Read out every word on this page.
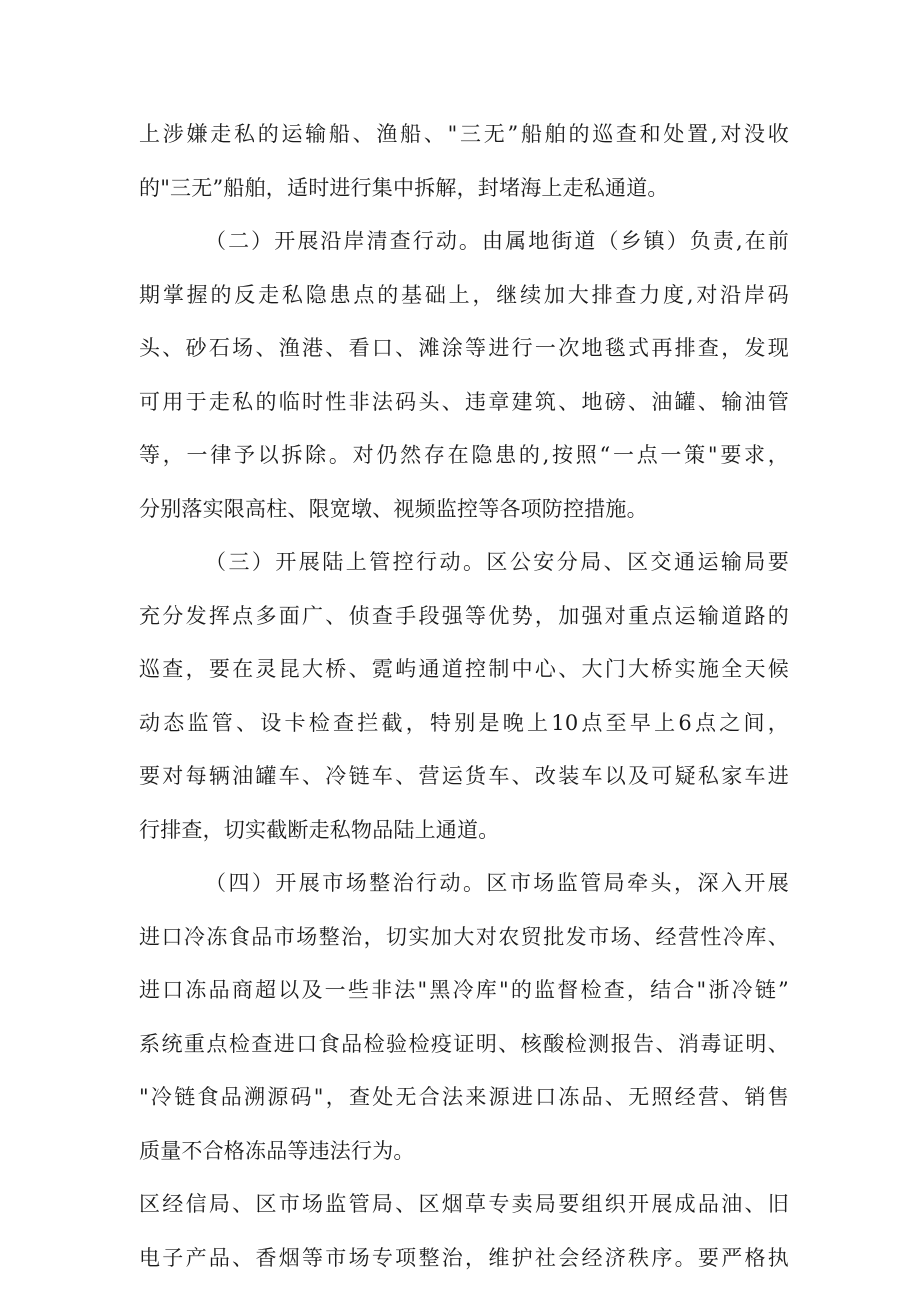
上涉嫌走私的运输船、渔船、"三无”船舶的巡查和处置,对没收
的"三无”船舶，适时进行集中拆解，封堵海上走私通道。
（二）开展沿岸清查行动。由属地街道（乡镇）负责,在前
期掌握的反走私隐患点的基础上，继续加大排查力度,对沿岸码
头、砂石场、渔港、看口、滩涂等进行一次地毯式再排查，发现
可用于走私的临时性非法码头、违章建筑、地磅、油罐、输油管
等，一律予以拆除。对仍然存在隐患的,按照“一点一策"要求，
分别落实限高柱、限宽墩、视频监控等各项防控措施。
（三）开展陆上管控行动。区公安分局、区交通运输局要
充分发挥点多面广、侦查手段强等优势，加强对重点运输道路的
巡查，要在灵昆大桥、霓屿通道控制中心、大门大桥实施全天候
动态监管、设卡检查拦截，特别是晚上10点至早上6点之间，
要对每辆油罐车、冷链车、营运货车、改装车以及可疑私家车进
行排查，切实截断走私物品陆上通道。
（四）开展市场整治行动。区市场监管局牵头，深入开展
进口冷冻食品市场整治，切实加大对农贸批发市场、经营性冷库、
进口冻品商超以及一些非法"黑冷库"的监督检查，结合"浙冷链”
系统重点检查进口食品检验检疫证明、核酸检测报告、消毒证明、
"冷链食品溯源码"，查处无合法来源进口冻品、无照经营、销售
质量不合格冻品等违法行为。
区经信局、区市场监管局、区烟草专卖局要组织开展成品油、旧
电子产品、香烟等市场专项整治，维护社会经济秩序。要严格执
